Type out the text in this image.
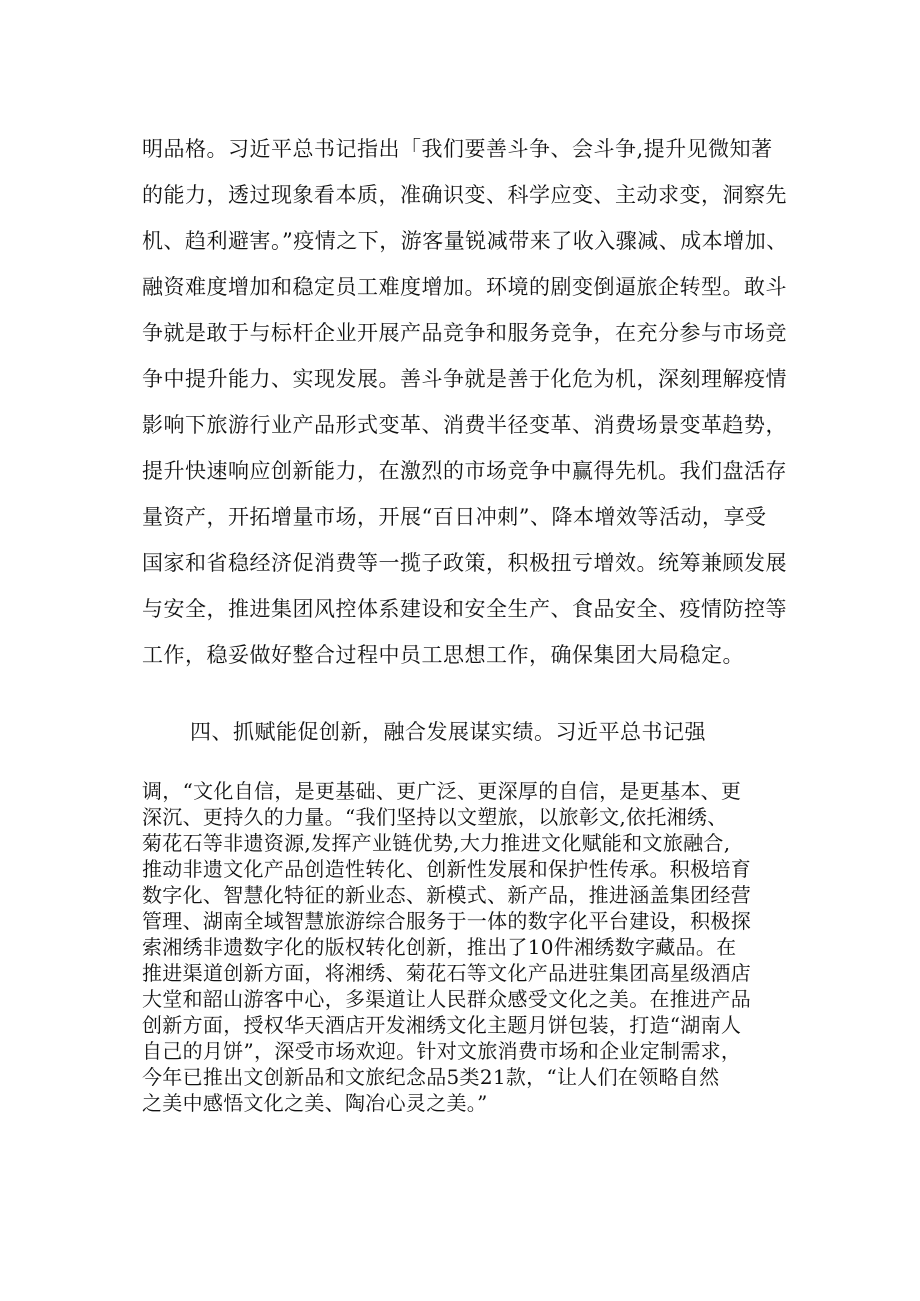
明品格。习近平总书记指出「我们要善斗争、会斗争,提升见微知著
的能力，透过现象看本质，准确识变、科学应变、主动求变，洞察先
机、趋利避害。”疫情之下，游客量锐减带来了收入骤减、成本增加、
融资难度增加和稳定员工难度增加。环境的剧变倒逼旅企转型。敢斗
争就是敢于与标杆企业开展产品竞争和服务竞争，在充分参与市场竞
争中提升能力、实现发展。善斗争就是善于化危为机，深刻理解疫情
影响下旅游行业产品形式变革、消费半径变革、消费场景变革趋势，
提升快速响应创新能力，在激烈的市场竞争中赢得先机。我们盘活存
量资产，开拓增量市场，开展“百日冲刺”、降本增效等活动，享受
国家和省稳经济促消费等一揽子政策，积极扭亏增效。统筹兼顾发展
与安全，推进集团风控体系建设和安全生产、食品安全、疫情防控等
工作，稳妥做好整合过程中员工思想工作，确保集团大局稳定。
四、抓赋能促创新，融合发展谋实绩。习近平总书记强
调，“文化自信，是更基础、更广泛、更深厚的自信，是更基本、更
深沉、更持久的力量。“我们坚持以文塑旅，以旅彰文,依托湘绣、
菊花石等非遗资源,发挥产业链优势,大力推进文化赋能和文旅融合,
推动非遗文化产品创造性转化、创新性发展和保护性传承。积极培育
数字化、智慧化特征的新业态、新模式、新产品，推进涵盖集团经营
管理、湖南全域智慧旅游综合服务于一体的数字化平台建设，积极探
索湘绣非遗数字化的版权转化创新，推出了10件湘绣数字藏品。在
推进渠道创新方面，将湘绣、菊花石等文化产品进驻集团高星级酒店
大堂和韶山游客中心，多渠道让人民群众感受文化之美。在推进产品
创新方面，授权华天酒店开发湘绣文化主题月饼包装，打造“湖南人
自己的月饼”，深受市场欢迎。针对文旅消费市场和企业定制需求，
今年已推出文创新品和文旅纪念品5类21款，“让人们在领略自然
之美中感悟文化之美、陶冶心灵之美。”
